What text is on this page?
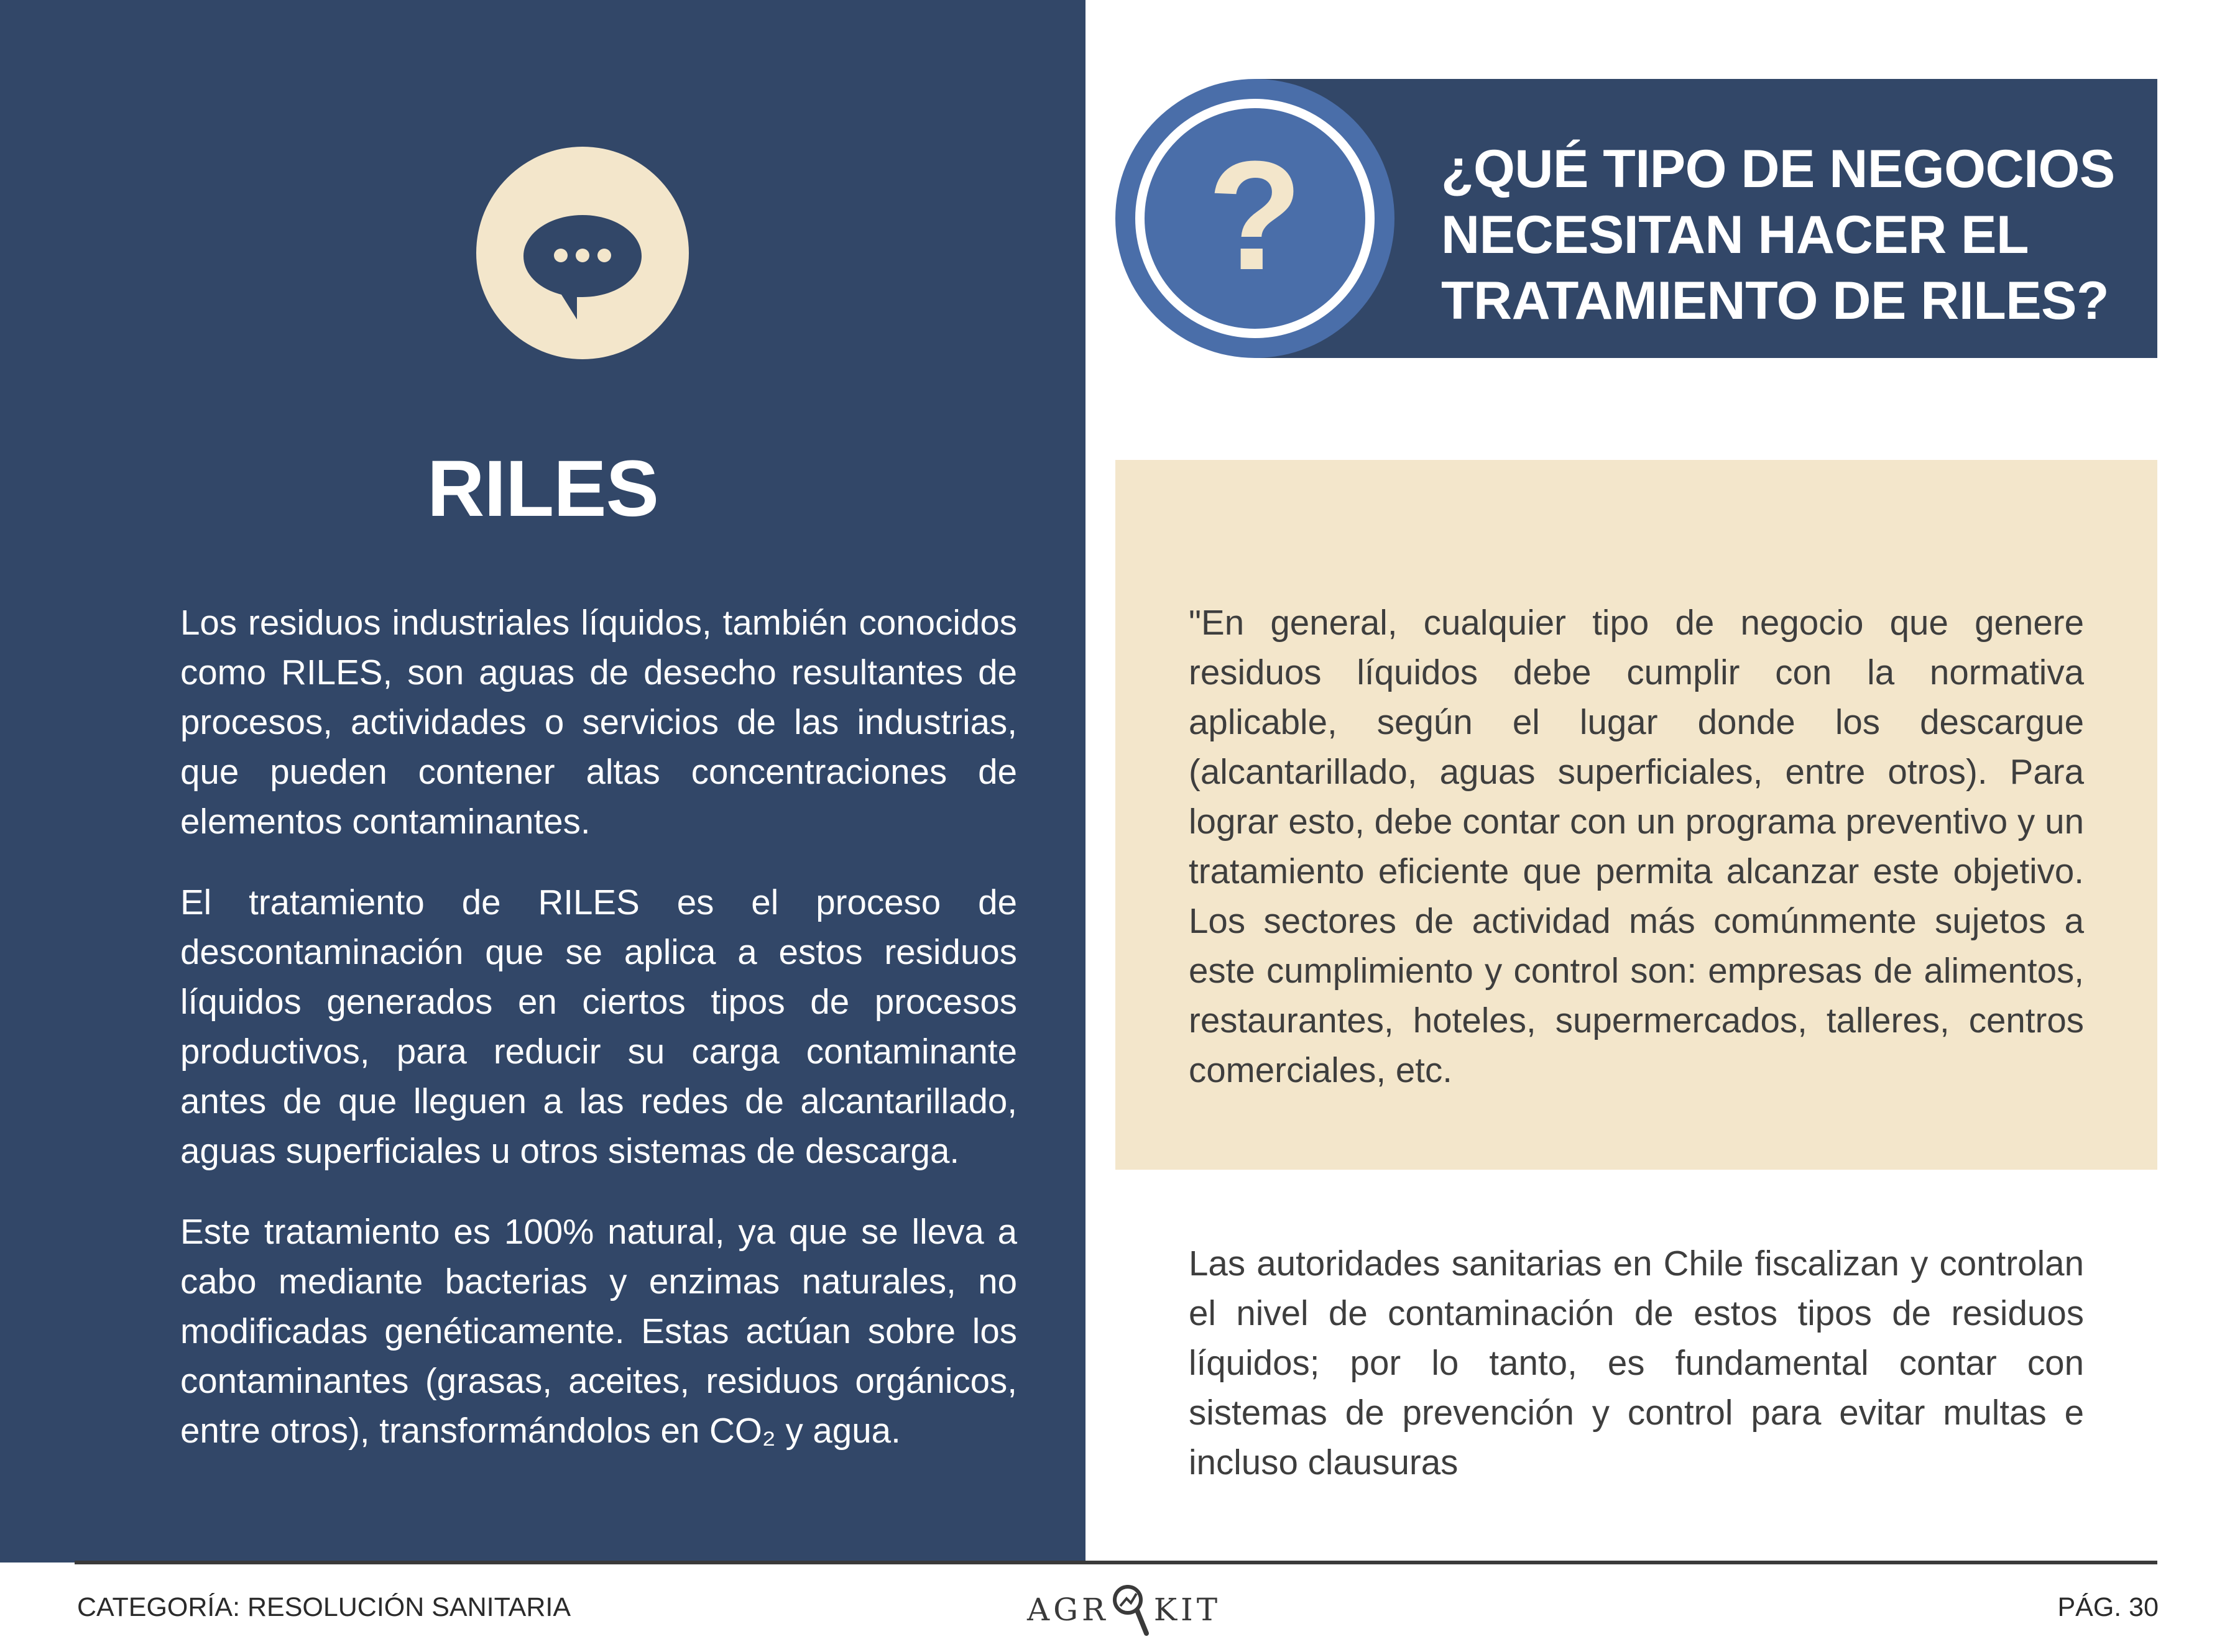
RILES

Los residuos industriales líquidos, también conocidos como RILES, son aguas de desecho resultantes de procesos, actividades o servicios de las industrias, que pueden contener altas concentraciones de elementos contaminantes.

El tratamiento de RILES es el proceso de descontaminación que se aplica a estos residuos líquidos generados en ciertos tipos de procesos productivos, para reducir su carga contaminante antes de que lleguen a las redes de alcantarillado, aguas superficiales u otros sistemas de descarga.

Este tratamiento es 100% natural, ya que se lleva a cabo mediante bacterias y enzimas naturales, no modificadas genéticamente. Estas actúan sobre los contaminantes (grasas, aceites, residuos orgánicos, entre otros), transformándolos en CO₂ y agua.

¿QUÉ TIPO DE NEGOCIOS
NECESITAN HACER EL
TRATAMIENTO DE RILES?
?

"En general, cualquier tipo de negocio que genere residuos líquidos debe cumplir con la normativa aplicable, según el lugar donde los descargue (alcantarillado, aguas superficiales, entre otros). Para lograr esto, debe contar con un programa preventivo y un tratamiento eficiente que permita alcanzar este objetivo. Los sectores de actividad más comúnmente sujetos a este cumplimiento y control son: empresas de alimentos, restaurantes, hoteles, supermercados, talleres, centros comerciales, etc.

Las autoridades sanitarias en Chile fiscalizan y controlan el nivel de contaminación de estos tipos de residuos líquidos; por lo tanto, es fundamental contar con sistemas de prevención y control para evitar multas e incluso clausuras

CATEGORÍA: RESOLUCIÓN SANITARIA	AGR KIT	PÁG. 30
